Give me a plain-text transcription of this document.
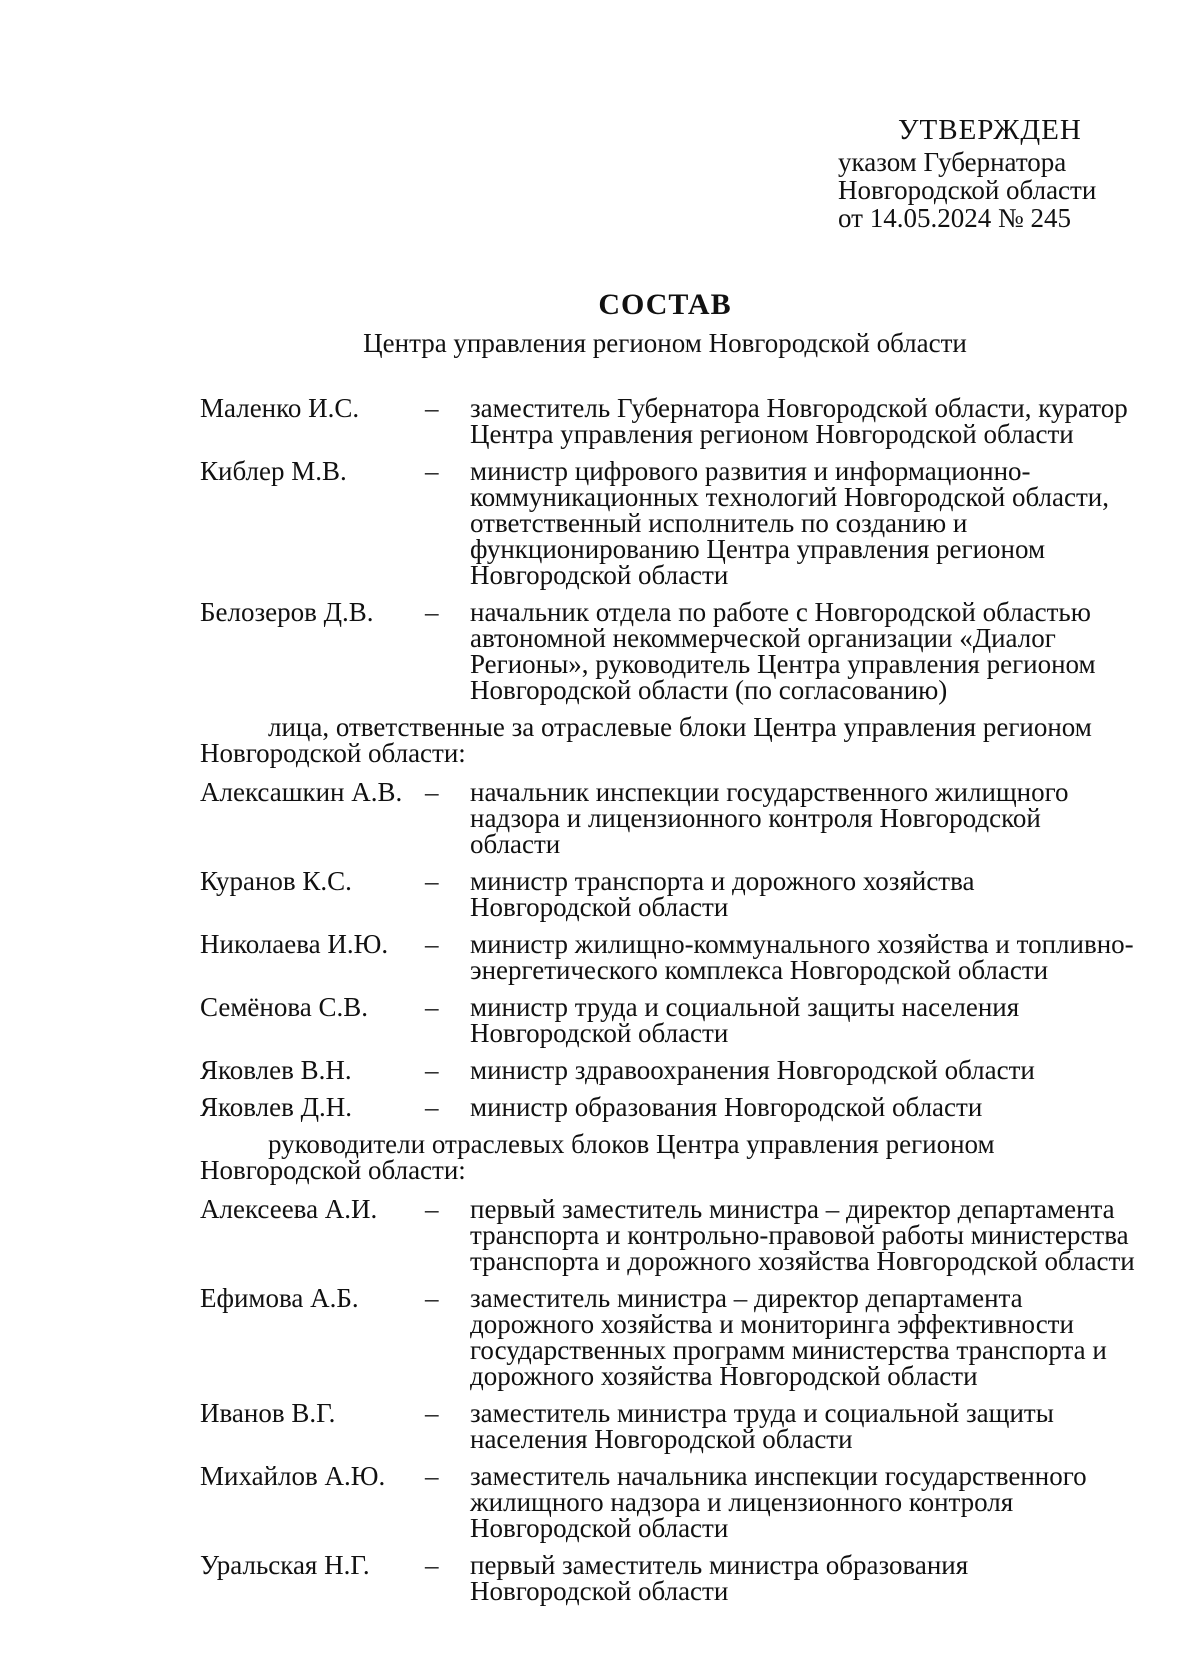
УТВЕРЖДЕН
указом Губернатора
Новгородской области
от 14.05.2024 № 245
СОСТАВ
Центра управления регионом Новгородской области
Маленко И.С.	–	заместитель Губернатора Новгородской области, куратор Центра управления регионом Новгородской области
Киблер М.В.	–	министр цифрового развития и информационно-коммуникационных технологий Новгородской области, ответственный исполнитель по созданию и функционированию Центра управления регионом Новгородской области
Белозеров Д.В.	–	начальник отдела по работе с Новгородской областью автономной некоммерческой организации «Диалог Регионы», руководитель Центра управления регионом Новгородской области (по согласованию)
лица, ответственные за отраслевые блоки Центра управления регионом Новгородской области:
Алексашкин А.В. –	начальник инспекции государственного жилищного надзора и лицензионного контроля Новгородской области
Куранов К.С.	–	министр транспорта и дорожного хозяйства Новгородской области
Николаева И.Ю.	–	министр жилищно-коммунального хозяйства и топливно-энергетического комплекса Новгородской области
Семёнова С.В.	–	министр труда и социальной защиты населения Новгородской области
Яковлев В.Н.	–	министр здравоохранения Новгородской области
Яковлев Д.Н.	–	министр образования Новгородской области
руководители отраслевых блоков Центра управления регионом Новгородской области:
Алексеева А.И.	–	первый заместитель министра – директор департамента транспорта и контрольно-правовой работы министерства транспорта и дорожного хозяйства Новгородской области
Ефимова А.Б.	–	заместитель министра – директор департамента дорожного хозяйства и мониторинга эффективности государственных программ министерства транспорта и дорожного хозяйства Новгородской области
Иванов В.Г.	–	заместитель министра труда и социальной защиты населения Новгородской области
Михайлов А.Ю.	–	заместитель начальника инспекции государственного жилищного надзора и лицензионного контроля Новгородской области
Уральская Н.Г.	–	первый заместитель министра образования Новгородской области
